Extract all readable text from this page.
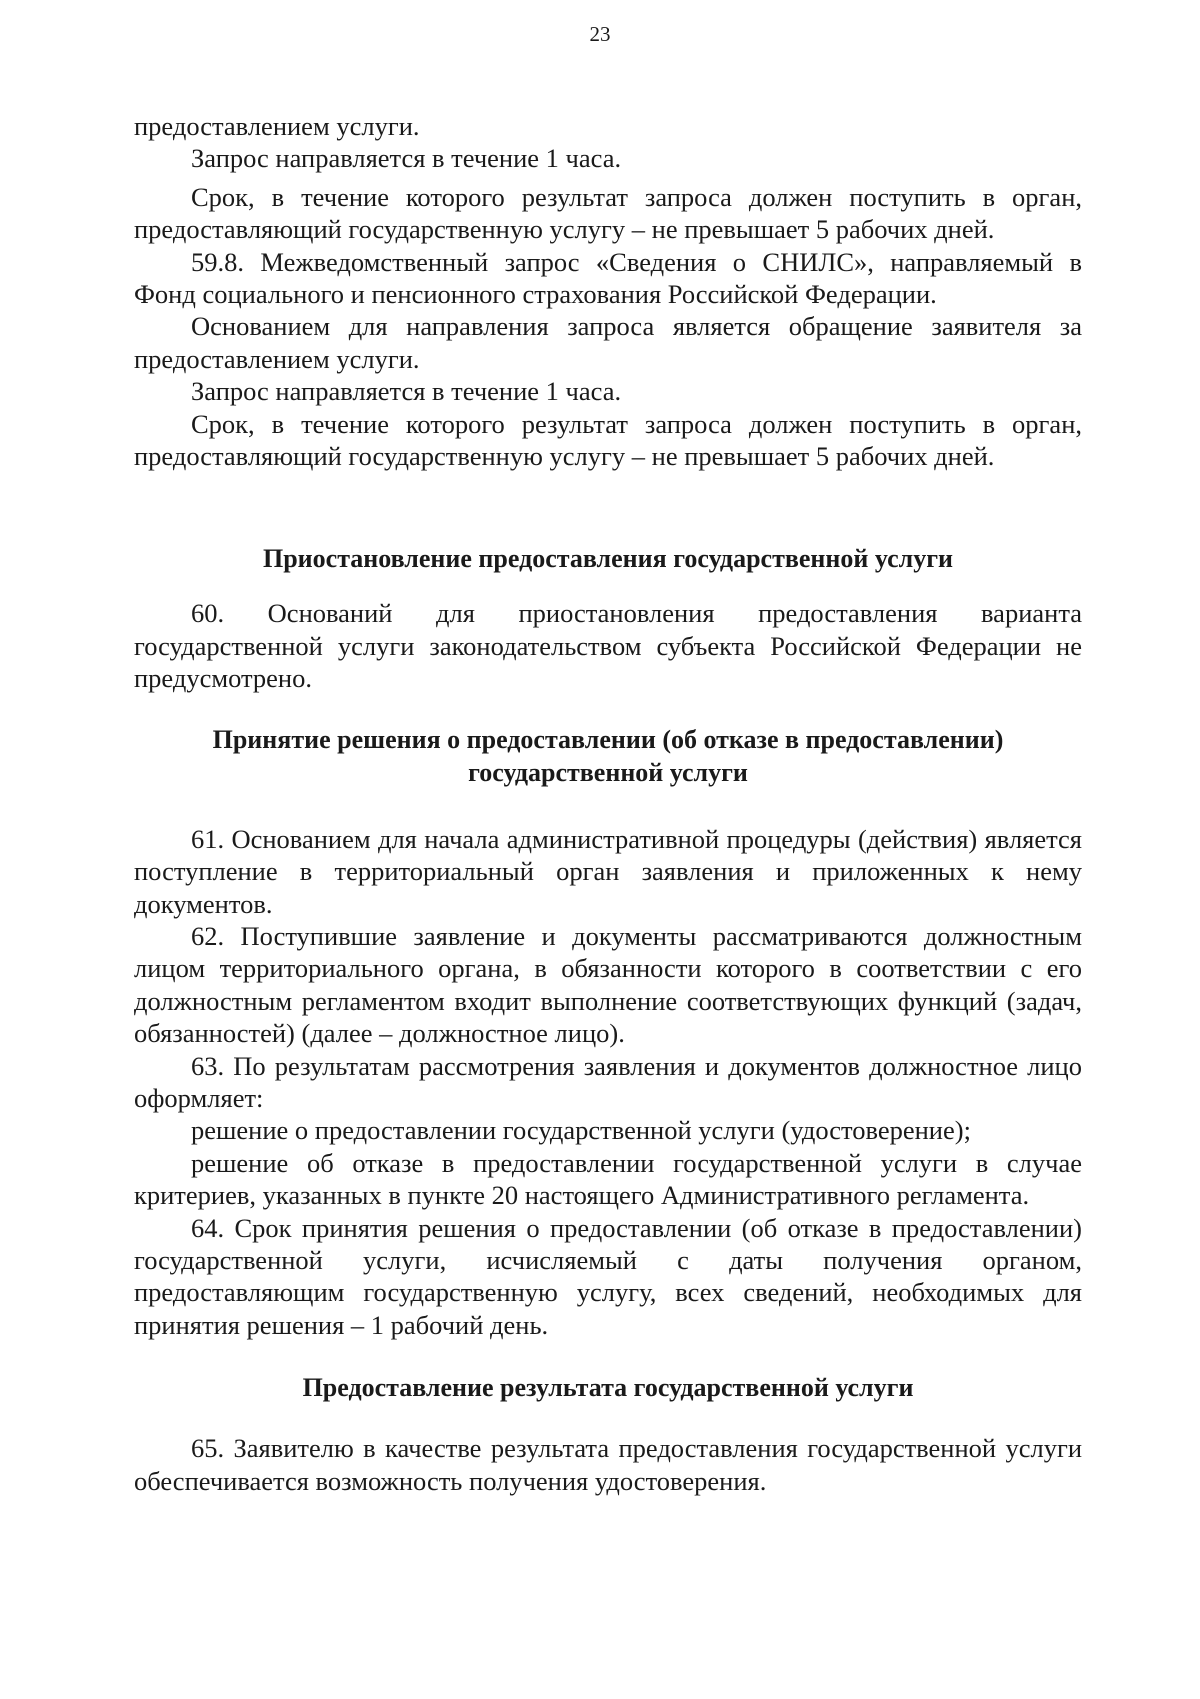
23

предоставлением услуги.

Запрос направляется в течение 1 часа.

Срок, в течение которого результат запроса должен поступить в орган, предоставляющий государственную услугу – не превышает 5 рабочих дней.

59.8. Межведомственный запрос «Сведения о СНИЛС», направляемый в Фонд социального и пенсионного страхования Российской Федерации.

Основанием для направления запроса является обращение заявителя за предоставлением услуги.

Запрос направляется в течение 1 часа.

Срок, в течение которого результат запроса должен поступить в орган, предоставляющий государственную услугу – не превышает 5 рабочих дней.

Приостановление предоставления государственной услуги

60. Оснований для приостановления предоставления варианта государственной услуги законодательством субъекта Российской Федерации не предусмотрено.

Принятие решения о предоставлении (об отказе в предоставлении)
государственной услуги

61. Основанием для начала административной процедуры (действия) является поступление в территориальный орган заявления и приложенных к нему документов.

62. Поступившие заявление и документы рассматриваются должностным лицом территориального органа, в обязанности которого в соответствии с его должностным регламентом входит выполнение соответствующих функций (задач, обязанностей) (далее – должностное лицо).

63. По результатам рассмотрения заявления и документов должностное лицо оформляет:

решение о предоставлении государственной услуги (удостоверение);

решение об отказе в предоставлении государственной услуги в случае критериев, указанных в пункте 20 настоящего Административного регламента.

64. Срок принятия решения о предоставлении (об отказе в предоставлении) государственной услуги, исчисляемый с даты получения органом, предоставляющим государственную услугу, всех сведений, необходимых для принятия решения – 1 рабочий день.

Предоставление результата государственной услуги

65. Заявителю в качестве результата предоставления государственной услуги обеспечивается возможность получения удостоверения.
